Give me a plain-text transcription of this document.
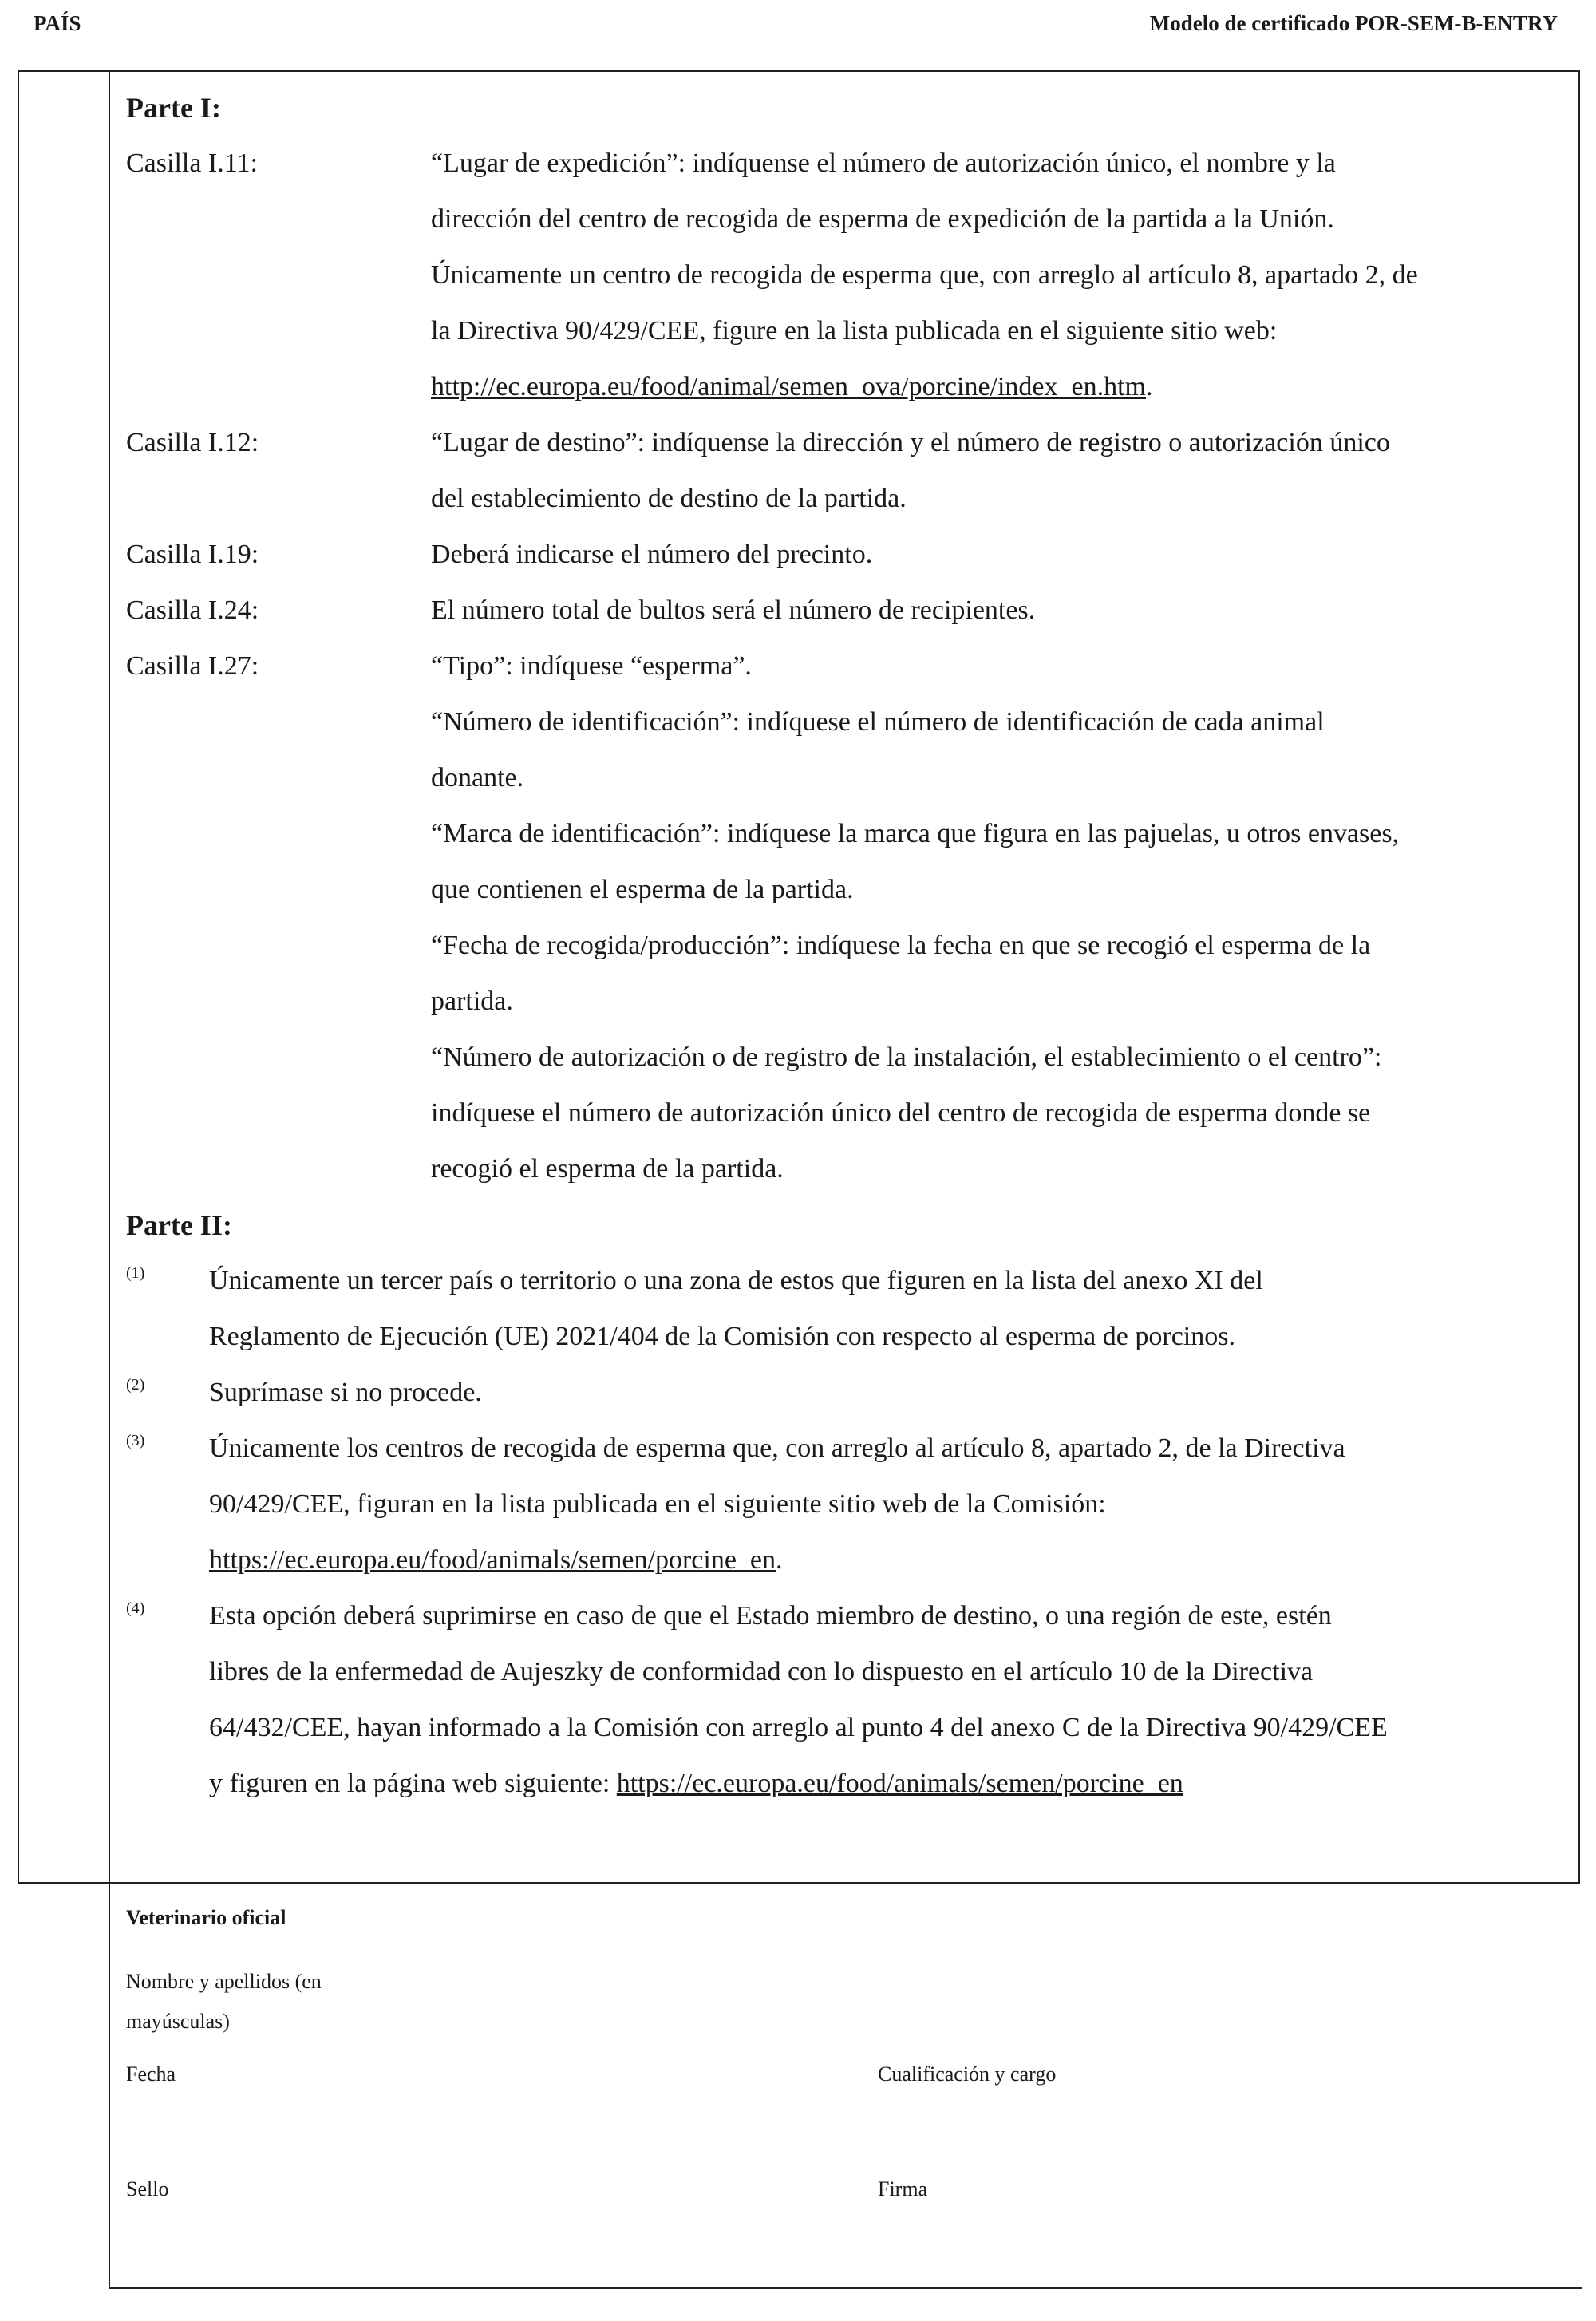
PAÍS	Modelo de certificado POR-SEM-B-ENTRY
Parte I:
Casilla I.11:	“Lugar de expedición”: indíquense el número de autorización único, el nombre y la
dirección del centro de recogida de esperma de expedición de la partida a la Unión.
Únicamente un centro de recogida de esperma que, con arreglo al artículo 8, apartado 2, de
la Directiva 90/429/CEE, figure en la lista publicada en el siguiente sitio web:
http://ec.europa.eu/food/animal/semen_ova/porcine/index_en.htm.
Casilla I.12:	“Lugar de destino”: indíquense la dirección y el número de registro o autorización único
del establecimiento de destino de la partida.
Casilla I.19:	Deberá indicarse el número del precinto.
Casilla I.24:	El número total de bultos será el número de recipientes.
Casilla I.27:	“Tipo”: indíquese “esperma”.
“Número de identificación”: indíquese el número de identificación de cada animal
donante.
“Marca de identificación”: indíquese la marca que figura en las pajuelas, u otros envases,
que contienen el esperma de la partida.
“Fecha de recogida/producción”: indíquese la fecha en que se recogió el esperma de la
partida.
“Número de autorización o de registro de la instalación, el establecimiento o el centro”:
indíquese el número de autorización único del centro de recogida de esperma donde se
recogió el esperma de la partida.
Parte II:
(1) Únicamente un tercer país o territorio o una zona de estos que figuren en la lista del anexo XI del
Reglamento de Ejecución (UE) 2021/404 de la Comisión con respecto al esperma de porcinos.
(2) Suprímase si no procede.
(3) Únicamente los centros de recogida de esperma que, con arreglo al artículo 8, apartado 2, de la Directiva
90/429/CEE, figuran en la lista publicada en el siguiente sitio web de la Comisión:
https://ec.europa.eu/food/animals/semen/porcine_en.
(4) Esta opción deberá suprimirse en caso de que el Estado miembro de destino, o una región de este, estén
libres de la enfermedad de Aujeszky de conformidad con lo dispuesto en el artículo 10 de la Directiva
64/432/CEE, hayan informado a la Comisión con arreglo al punto 4 del anexo C de la Directiva 90/429/CEE
y figuren en la página web siguiente: https://ec.europa.eu/food/animals/semen/porcine_en
Veterinario oficial
Nombre y apellidos (en mayúsculas)
Fecha	Cualificación y cargo
Sello	Firma
